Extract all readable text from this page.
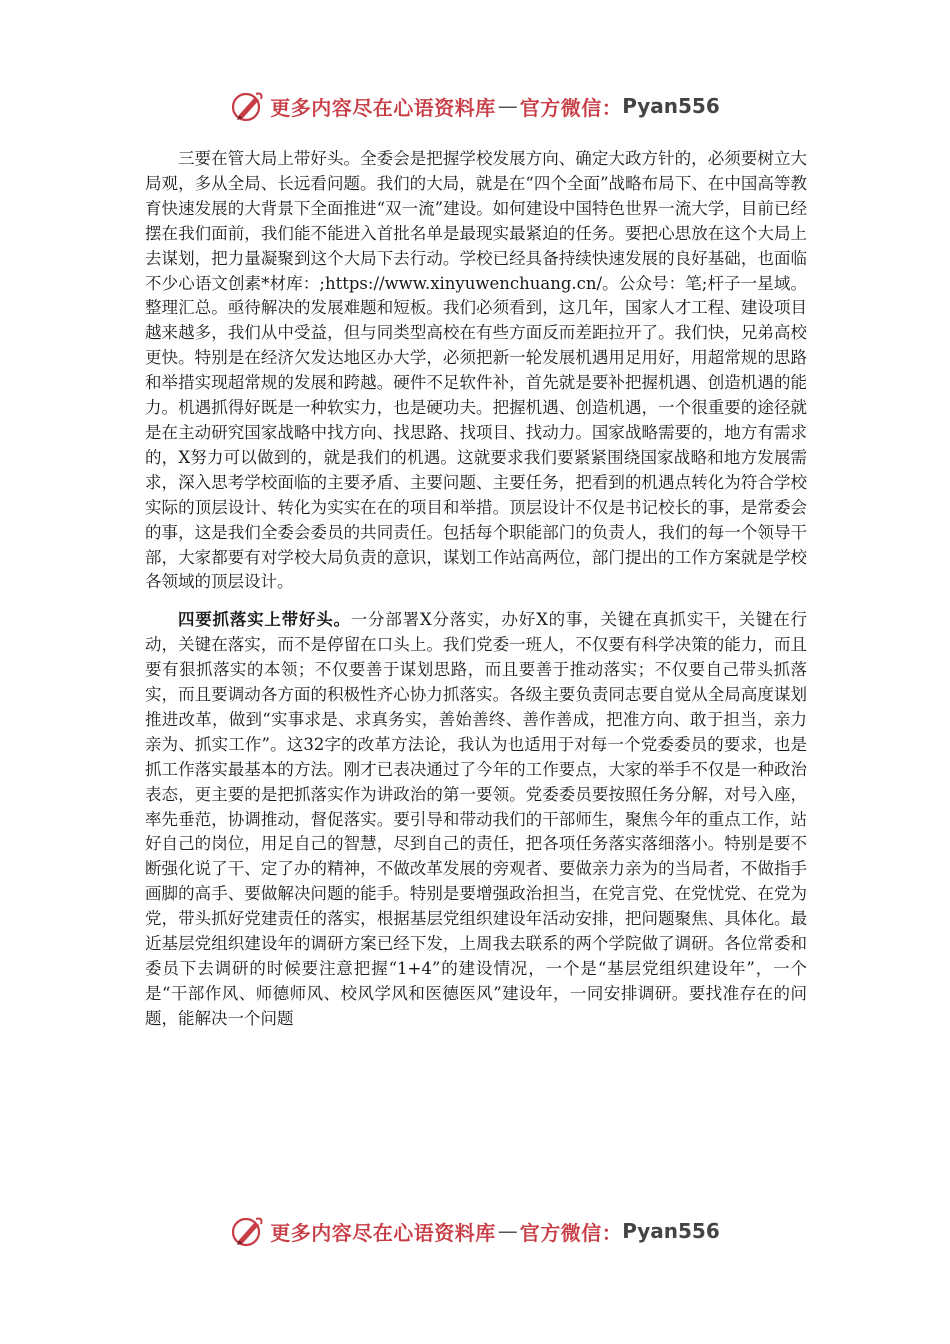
更多内容尽在心语资料库 — 官方微信： Pyan556

三要在管大局上带好头。全委会是把握学校发展方向、确定大政方针的，必须要树立大局观，多从全局、长远看问题。我们的大局，就是在“四个全面”战略布局下、在中国高等教育快速发展的大背景下全面推进“双一流”建设。如何建设中国特色世界一流大学，目前已经摆在我们面前，我们能不能进入首批名单是最现实最紧迫的任务。要把心思放在这个大局上去谋划，把力量凝聚到这个大局下去行动。学校已经具备持续快速发展的良好基础，也面临不少心语文创素*材库：;https://www.xinyuwenchuang.cn/。公众号：笔;杆子一星域。整理汇总。亟待解决的发展难题和短板。我们必须看到，这几年，国家人才工程、建设项目越来越多，我们从中受益，但与同类型高校在有些方面反而差距拉开了。我们快，兄弟高校更快。特别是在经济欠发达地区办大学，必须把新一轮发展机遇用足用好，用超常规的思路和举措实现超常规的发展和跨越。硬件不足软件补，首先就是要补把握机遇、创造机遇的能力。机遇抓得好既是一种软实力，也是硬功夫。把握机遇、创造机遇，一个很重要的途径就是在主动研究国家战略中找方向、找思路、找项目、找动力。国家战略需要的，地方有需求的，X努力可以做到的，就是我们的机遇。这就要求我们要紧紧围绕国家战略和地方发展需求，深入思考学校面临的主要矛盾、主要问题、主要任务，把看到的机遇点转化为符合学校实际的顶层设计、转化为实实在在的项目和举措。顶层设计不仅是书记校长的事，是常委会的事，这是我们全委会委员的共同责任。包括每个职能部门的负责人，我们的每一个领导干部，大家都要有对学校大局负责的意识，谋划工作站高两位，部门提出的工作方案就是学校各领域的顶层设计。

四要抓落实上带好头。一分部署X分落实，办好X的事，关键在真抓实干，关键在行动，关键在落实，而不是停留在口头上。我们党委一班人，不仅要有科学决策的能力，而且要有狠抓落实的本领；不仅要善于谋划思路，而且要善于推动落实；不仅要自己带头抓落实，而且要调动各方面的积极性齐心协力抓落实。各级主要负责同志要自觉从全局高度谋划推进改革，做到“实事求是、求真务实，善始善终、善作善成，把准方向、敢于担当，亲力亲为、抓实工作”。这32字的改革方法论，我认为也适用于对每一个党委委员的要求，也是抓工作落实最基本的方法。刚才已表决通过了今年的工作要点，大家的举手不仅是一种政治表态，更主要的是把抓落实作为讲政治的第一要领。党委委员要按照任务分解，对号入座，率先垂范，协调推动，督促落实。要引导和带动我们的干部师生，聚焦今年的重点工作，站好自己的岗位，用足自己的智慧，尽到自己的责任，把各项任务落实落细落小。特别是要不断强化说了干、定了办的精神，不做改革发展的旁观者、要做亲力亲为的当局者，不做指手画脚的高手、要做解决问题的能手。特别是要增强政治担当，在党言党、在党忧党、在党为党，带头抓好党建责任的落实，根据基层党组织建设年活动安排，把问题聚焦、具体化。最近基层党组织建设年的调研方案已经下发，上周我去联系的两个学院做了调研。各位常委和委员下去调研的时候要注意把握“1+4”的建设情况，一个是“基层党组织建设年”，一个是“干部作风、师德师风、校风学风和医德医风”建设年，一同安排调研。要找准存在的问题，能解决一个问题

更多内容尽在心语资料库 — 官方微信： Pyan556
